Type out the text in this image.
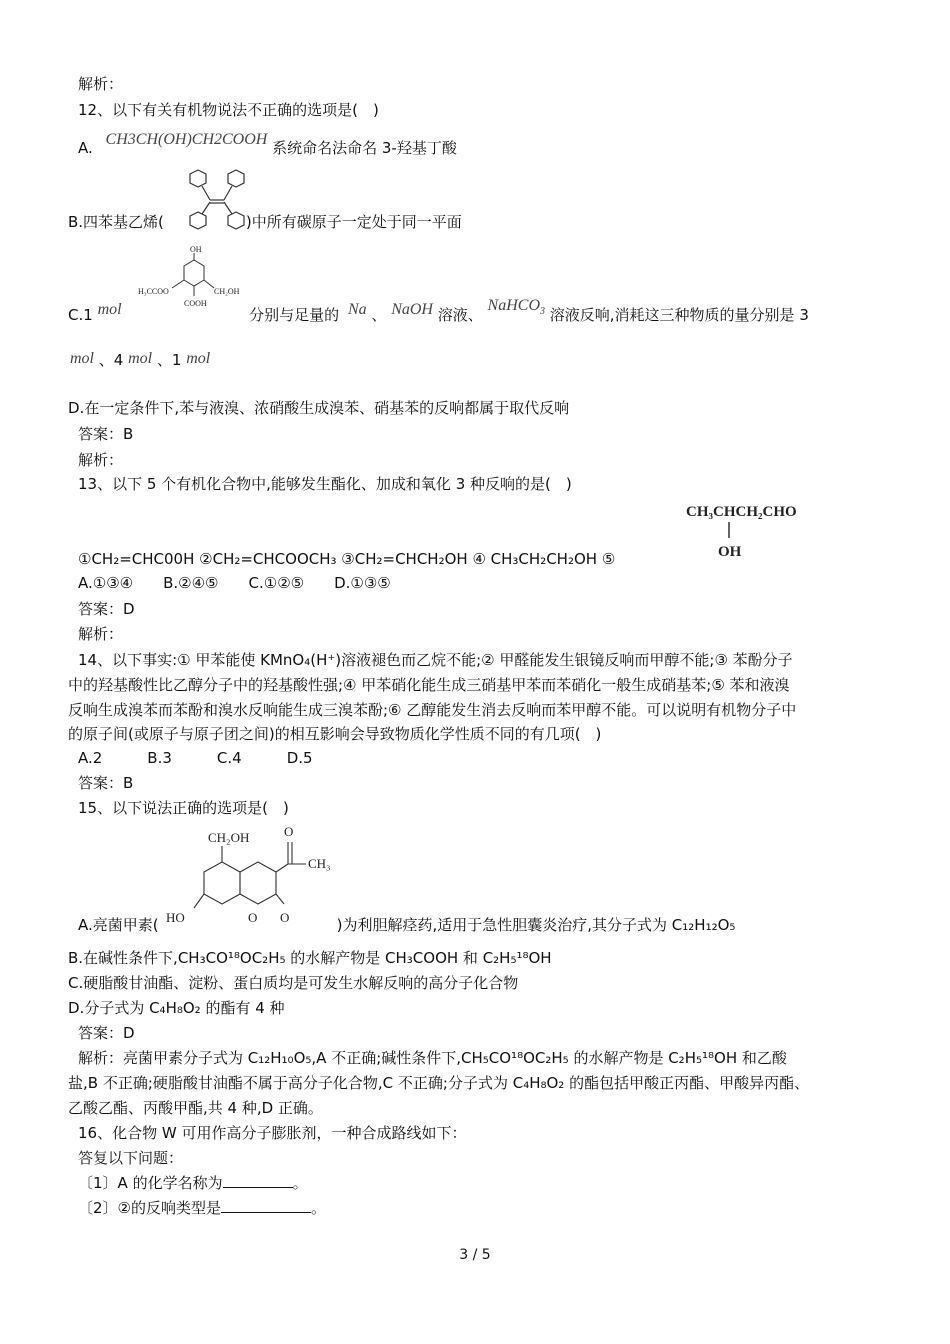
解析：
12、以下有关有机物说法不正确的选项是(　)
A. CH3CH(OH)CH2COOH 系统命名法命名 3-羟基丁酸
B.四苯基乙烯(	)中所有碳原子一定处于同一平面
OH
H₃CCOO	CH₂OH
COOH
C.1 mol	分别与足量的 Na 、 NaOH 溶液、 NaHCO$_3$ 溶液反响,消耗这三种物质的量分别是 3
mol 、4 mol 、1 mol
D.在一定条件下,苯与液溴、浓硝酸生成溴苯、硝基苯的反响都属于取代反响
答案：B
解析：
13、以下 5 个有机化合物中,能够发生酯化、加成和氧化 3 种反响的是(　)
CH₃CHCH₂CHO
OH
①CH₂=CHC00H ②CH₂=CHCOOCH₃ ③CH₂=CHCH₂OH ④ CH₃CH₂CH₂OH ⑤
A.①③④　　B.②④⑤　　C.①②⑤　　D.①③⑤
答案：D
解析：
14、以下事实:① 甲苯能使 KMnO₄(H⁺)溶液褪色而乙烷不能;② 甲醛能发生银镜反响而甲醇不能;③ 苯酚分子
中的羟基酸性比乙醇分子中的羟基酸性强;④ 甲苯硝化能生成三硝基甲苯而苯硝化一般生成硝基苯;⑤ 苯和液溴
反响生成溴苯而苯酚和溴水反响能生成三溴苯酚;⑥ 乙醇能发生消去反响而苯甲醇不能。可以说明有机物分子中
的原子间(或原子与原子团之间)的相互影响会导致物质化学性质不同的有几项(　)
A.2　　　B.3　　　C.4　　　D.5
答案：B
15、以下说法正确的选项是(　)
CH₂OH	O
CH₃
HO	O O
A.亮菌甲素(	)为利胆解痉药,适用于急性胆囊炎治疗,其分子式为 C₁₂H₁₂O₅
B.在碱性条件下,CH₃CO¹⁸OC₂H₅ 的水解产物是 CH₃COOH 和 C₂H₅¹⁸OH
C.硬脂酸甘油酯、淀粉、蛋白质均是可发生水解反响的高分子化合物
D.分子式为 C₄H₈O₂ 的酯有 4 种
答案：D
解析：亮菌甲素分子式为 C₁₂H₁₀O₅,A 不正确;碱性条件下,CH₅CO¹⁸OC₂H₅ 的水解产物是 C₂H₅¹⁸OH 和乙酸
盐,B 不正确;硬脂酸甘油酯不属于高分子化合物,C 不正确;分子式为 C₄H₈O₂ 的酯包括甲酸正丙酯、甲酸异丙酯、
乙酸乙酯、丙酸甲酯,共 4 种,D 正确。
16、化合物 W 可用作高分子膨胀剂，一种合成路线如下：
答复以下问题：
〔1〕A 的化学名称为	。
〔2〕②的反响类型是	。
3 / 5
